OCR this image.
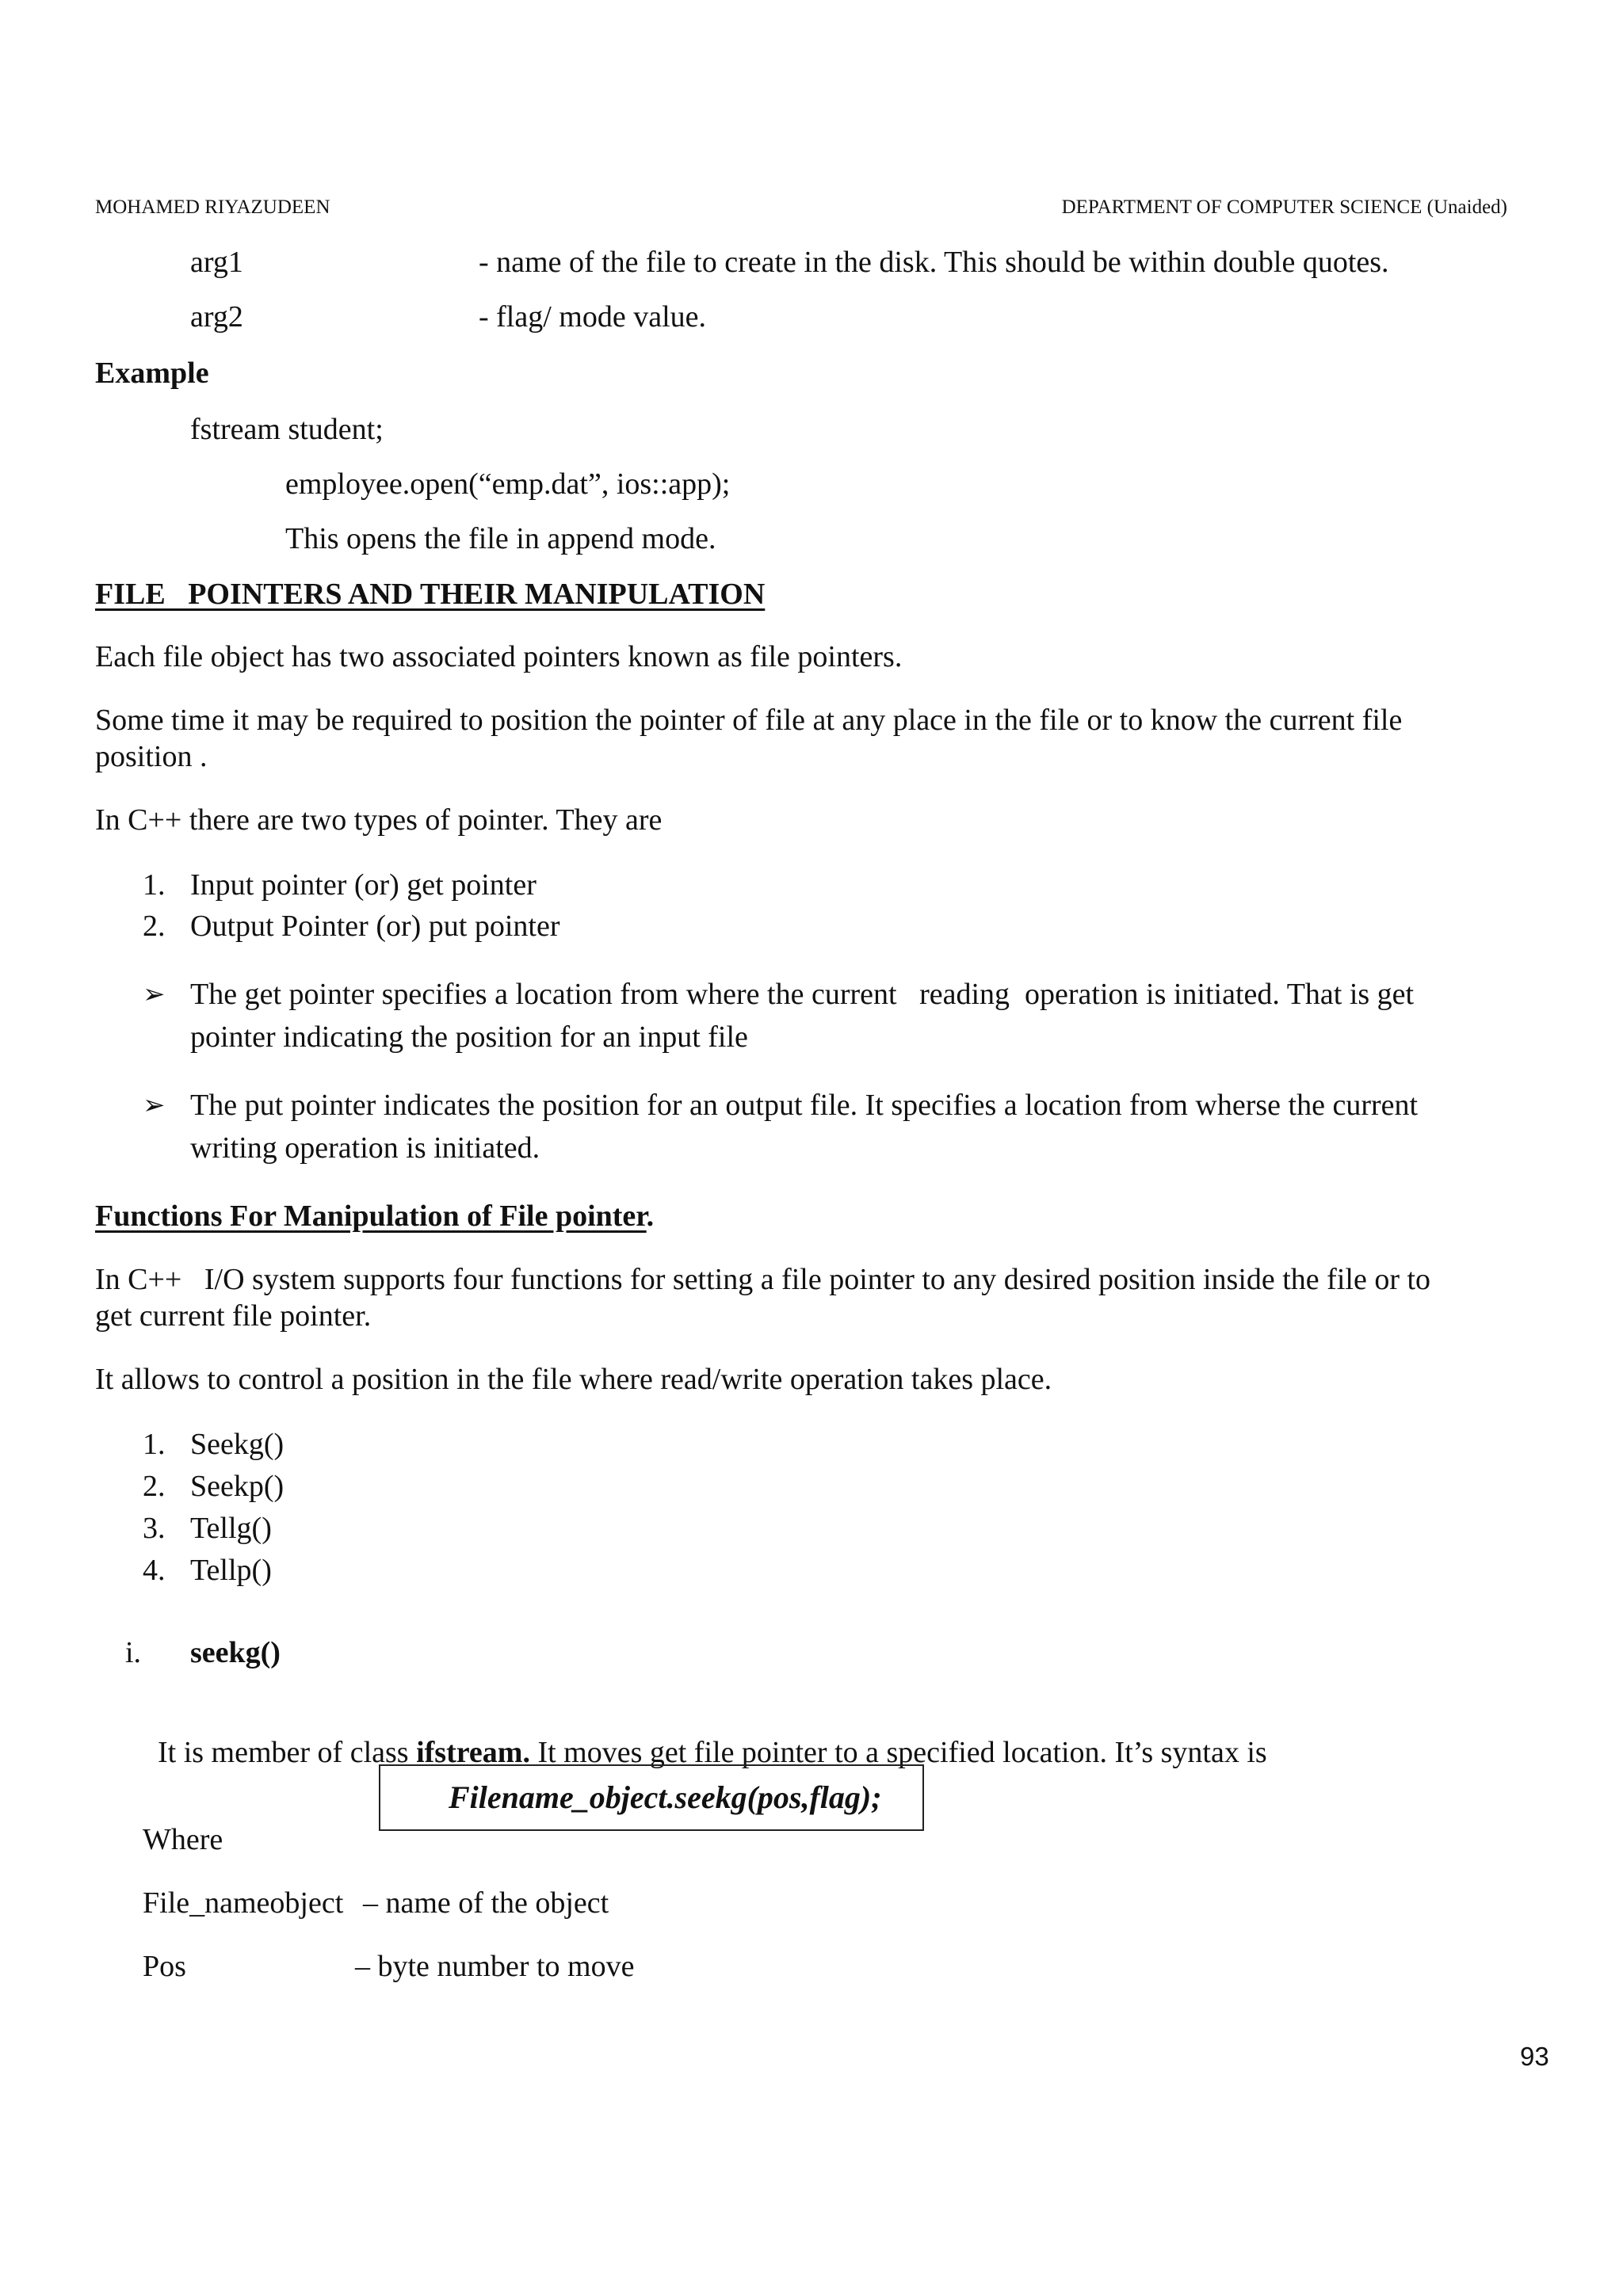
MOHAMED RIYAZUDEEN	DEPARTMENT OF COMPUTER SCIENCE (Unaided)
arg1	- name of the file to create in the disk. This should be within double quotes.
arg2	- flag/ mode value.
Example
fstream student;
employee.open(“emp.dat”, ios::app);
This opens the file in append mode.
FILE   POINTERS AND THEIR MANIPULATION
Each file object has two associated pointers known as file pointers.
Some time it may be required to position the pointer of file at any place in the file or to know the current file
position .
In C++ there are two types of pointer. They are
1. Input pointer (or) get pointer
2. Output Pointer (or) put pointer
➢ The get pointer specifies a location from where the current   reading  operation is initiated. That is get
pointer indicating the position for an input file
➢ The put pointer indicates the position for an output file. It specifies a location from wherse the current
writing operation is initiated.
Functions For Manipulation of File pointer.
In C++   I/O system supports four functions for setting a file pointer to any desired position inside the file or to
get current file pointer.
It allows to control a position in the file where read/write operation takes place.
1. Seekg()
2. Seekp()
3. Tellg()
4. Tellp()
i. seekg()

It is member of class ifstream. It moves get file pointer to a specified location. It’s syntax is

Filename_object.seekg(pos,flag);
Where
File_nameobject – name of the object
Pos	– byte number to move
93
